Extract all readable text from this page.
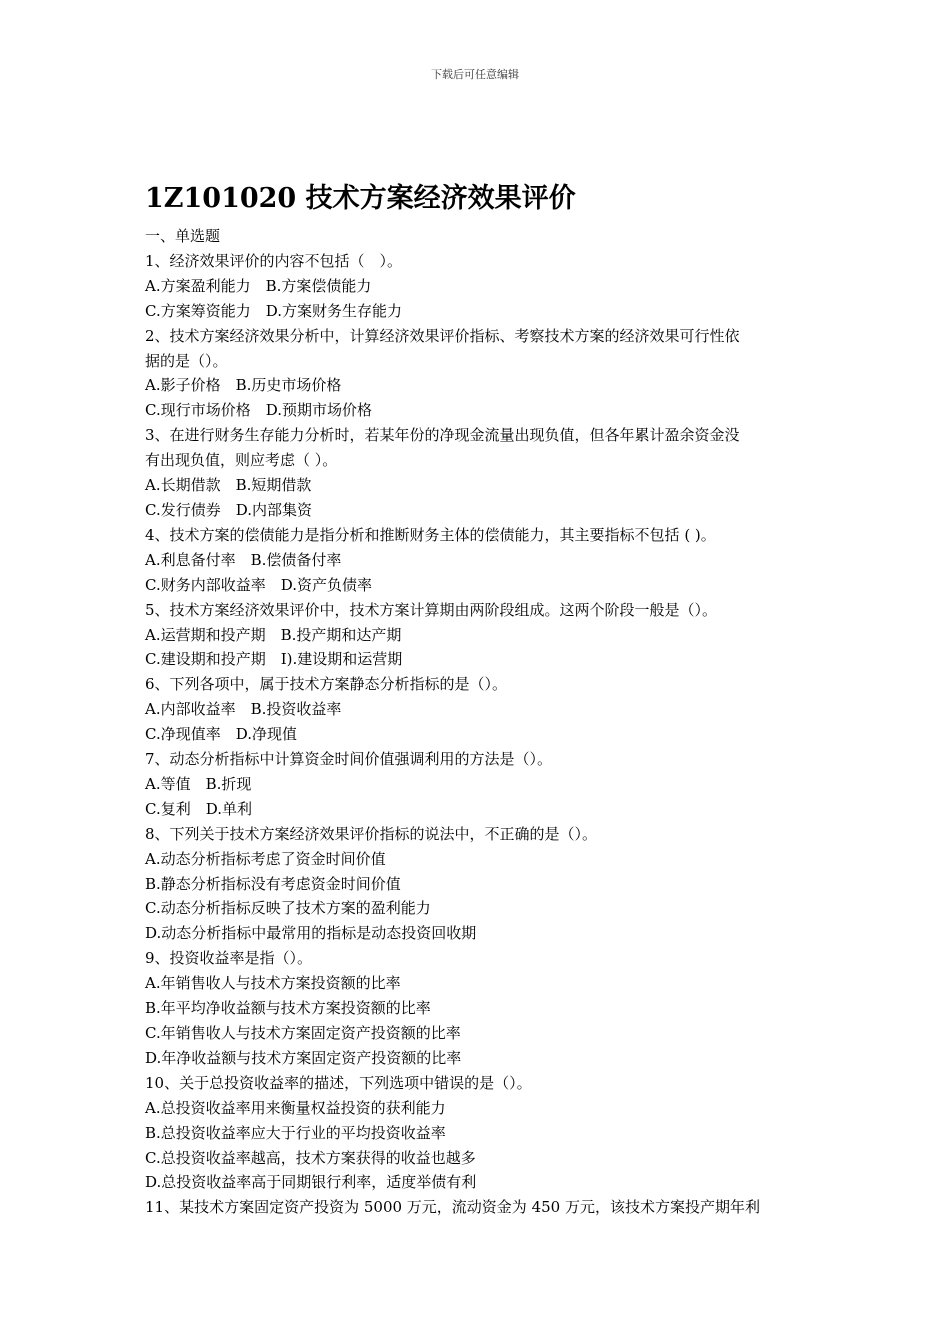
下载后可任意编辑
1Z101020 技术方案经济效果评价
一、单选题
1、经济效果评价的内容不包括（　）。
A.方案盈利能力　B.方案偿债能力
C.方案筹资能力　D.方案财务生存能力
2、技术方案经济效果分析中，计算经济效果评价指标、考察技术方案的经济效果可行性依
据的是（）。
A.影子价格　B.历史市场价格
C.现行市场价格　D.预期市场价格
3、在进行财务生存能力分析时，若某年份的净现金流量出现负值，但各年累计盈余资金没
有出现负值，则应考虑（ ）。
A.长期借款　B.短期借款
C.发行债券　D.内部集资
4、技术方案的偿债能力是指分析和推断财务主体的偿债能力，其主要指标不包括 ( )。
A.利息备付率　B.偿债备付率
C.财务内部收益率　D.资产负债率
5、技术方案经济效果评价中，技术方案计算期由两阶段组成。这两个阶段一般是（）。
A.运营期和投产期　B.投产期和达产期
C.建设期和投产期　I).建设期和运营期
6、下列各项中，属于技术方案静态分析指标的是（）。
A.内部收益率　B.投资收益率
C.净现值率　D.净现值
7、动态分析指标中计算资金时间价值强调利用的方法是（）。
A.等值　B.折现
C.复利　D.单利
8、下列关于技术方案经济效果评价指标的说法中，不正确的是（）。
A.动态分析指标考虑了资金时间价值
B.静态分析指标没有考虑资金时间价值
C.动态分析指标反映了技术方案的盈利能力
D.动态分析指标中最常用的指标是动态投资回收期
9、投资收益率是指（）。
A.年销售收人与技术方案投资额的比率
B.年平均净收益额与技术方案投资额的比率
C.年销售收人与技术方案固定资产投资额的比率
D.年净收益额与技术方案固定资产投资额的比率
10、关于总投资收益率的描述，下列选项中错误的是（）。
A.总投资收益率用来衡量权益投资的获利能力
B.总投资收益率应大于行业的平均投资收益率
C.总投资收益率越高，技术方案获得的收益也越多
D.总投资收益率高于同期银行利率，适度举债有利
11、某技术方案固定资产投资为 5000 万元，流动资金为 450 万元，该技术方案投产期年利
